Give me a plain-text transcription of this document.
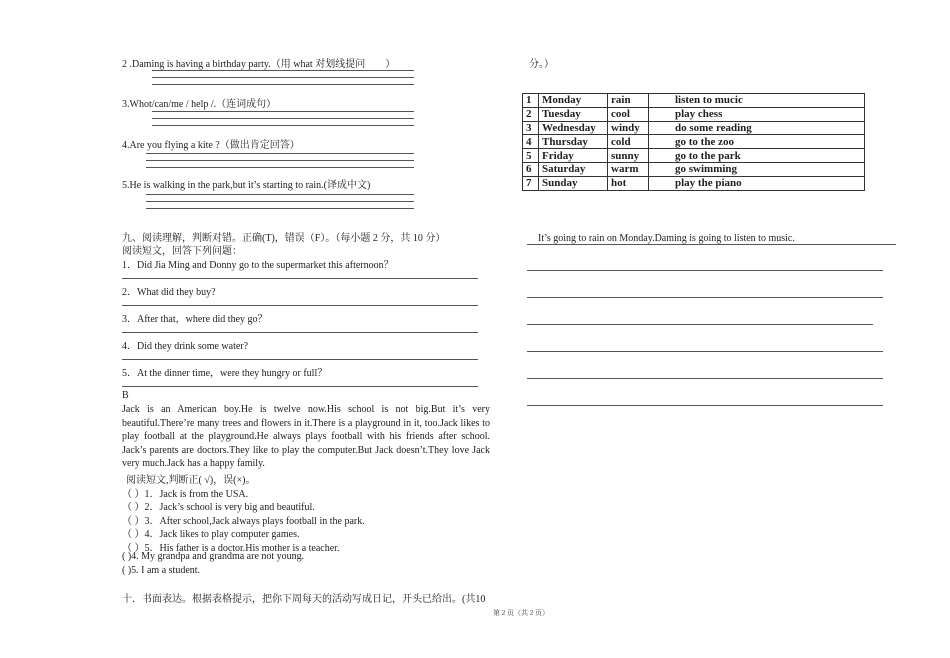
2 .Daming is having a birthday party.（用 what 对划线提问　　）
3.Whot/can/me / help /.（连词成句）
4.Are you flying a kite ?（做出肯定回答）
5.He is walking in the park,but it’s starting to rain.(译成中文)
九、阅读理解，判断对错。正确(T)，错误（F）。（每小题 2 分，共 10 分）
阅读短文，回答下列问题：
1．Did Jia Ming and Donny go to the supermarket this afternoon？
2．What did they buy?
3．After that，where did they go？
4．Did they drink some water?
5．At the dinner time，were they hungry or full？
B
Jack is an American boy.He is twelve now.His school is not big.But it’s very beautiful.There’re many trees and flowers in it.There is a playground in it, too.Jack likes to play football at the playground.He always plays football with his friends after school. Jack’s parents are doctors.They like to play the computer.But Jack doesn’t.They love Jack very much.Jack has a happy family.
阅读短文,判断正( √)，误(×)。
（ ）1．Jack is from the USA.
（ ）2．Jack’s school is very big and beautiful.
（ ）3．After school,Jack always plays football in the park.
（ ）4．Jack likes to play computer games.
（ ）5．His father is a doctor.His mother is a teacher.
( )4. My grandpa and grandma are not young.
( )5. I am a student.
十．书面表达。根据表格提示，把你下周每天的活动写成日记，开头已给出。(共10
分。）
1	Monday	rain	listen to mucic
2	Tuesday	cool	play chess
3	Wednesday	windy	do some reading
4	Thursday	cold	go to the zoo
5	Friday	sunny	go to the park
6	Saturday	warm	go swimming
7	Sunday	hot	play the piano
It’s going to rain on Monday.Daming is going to listen to music.
第 2 页（共 2 页）
